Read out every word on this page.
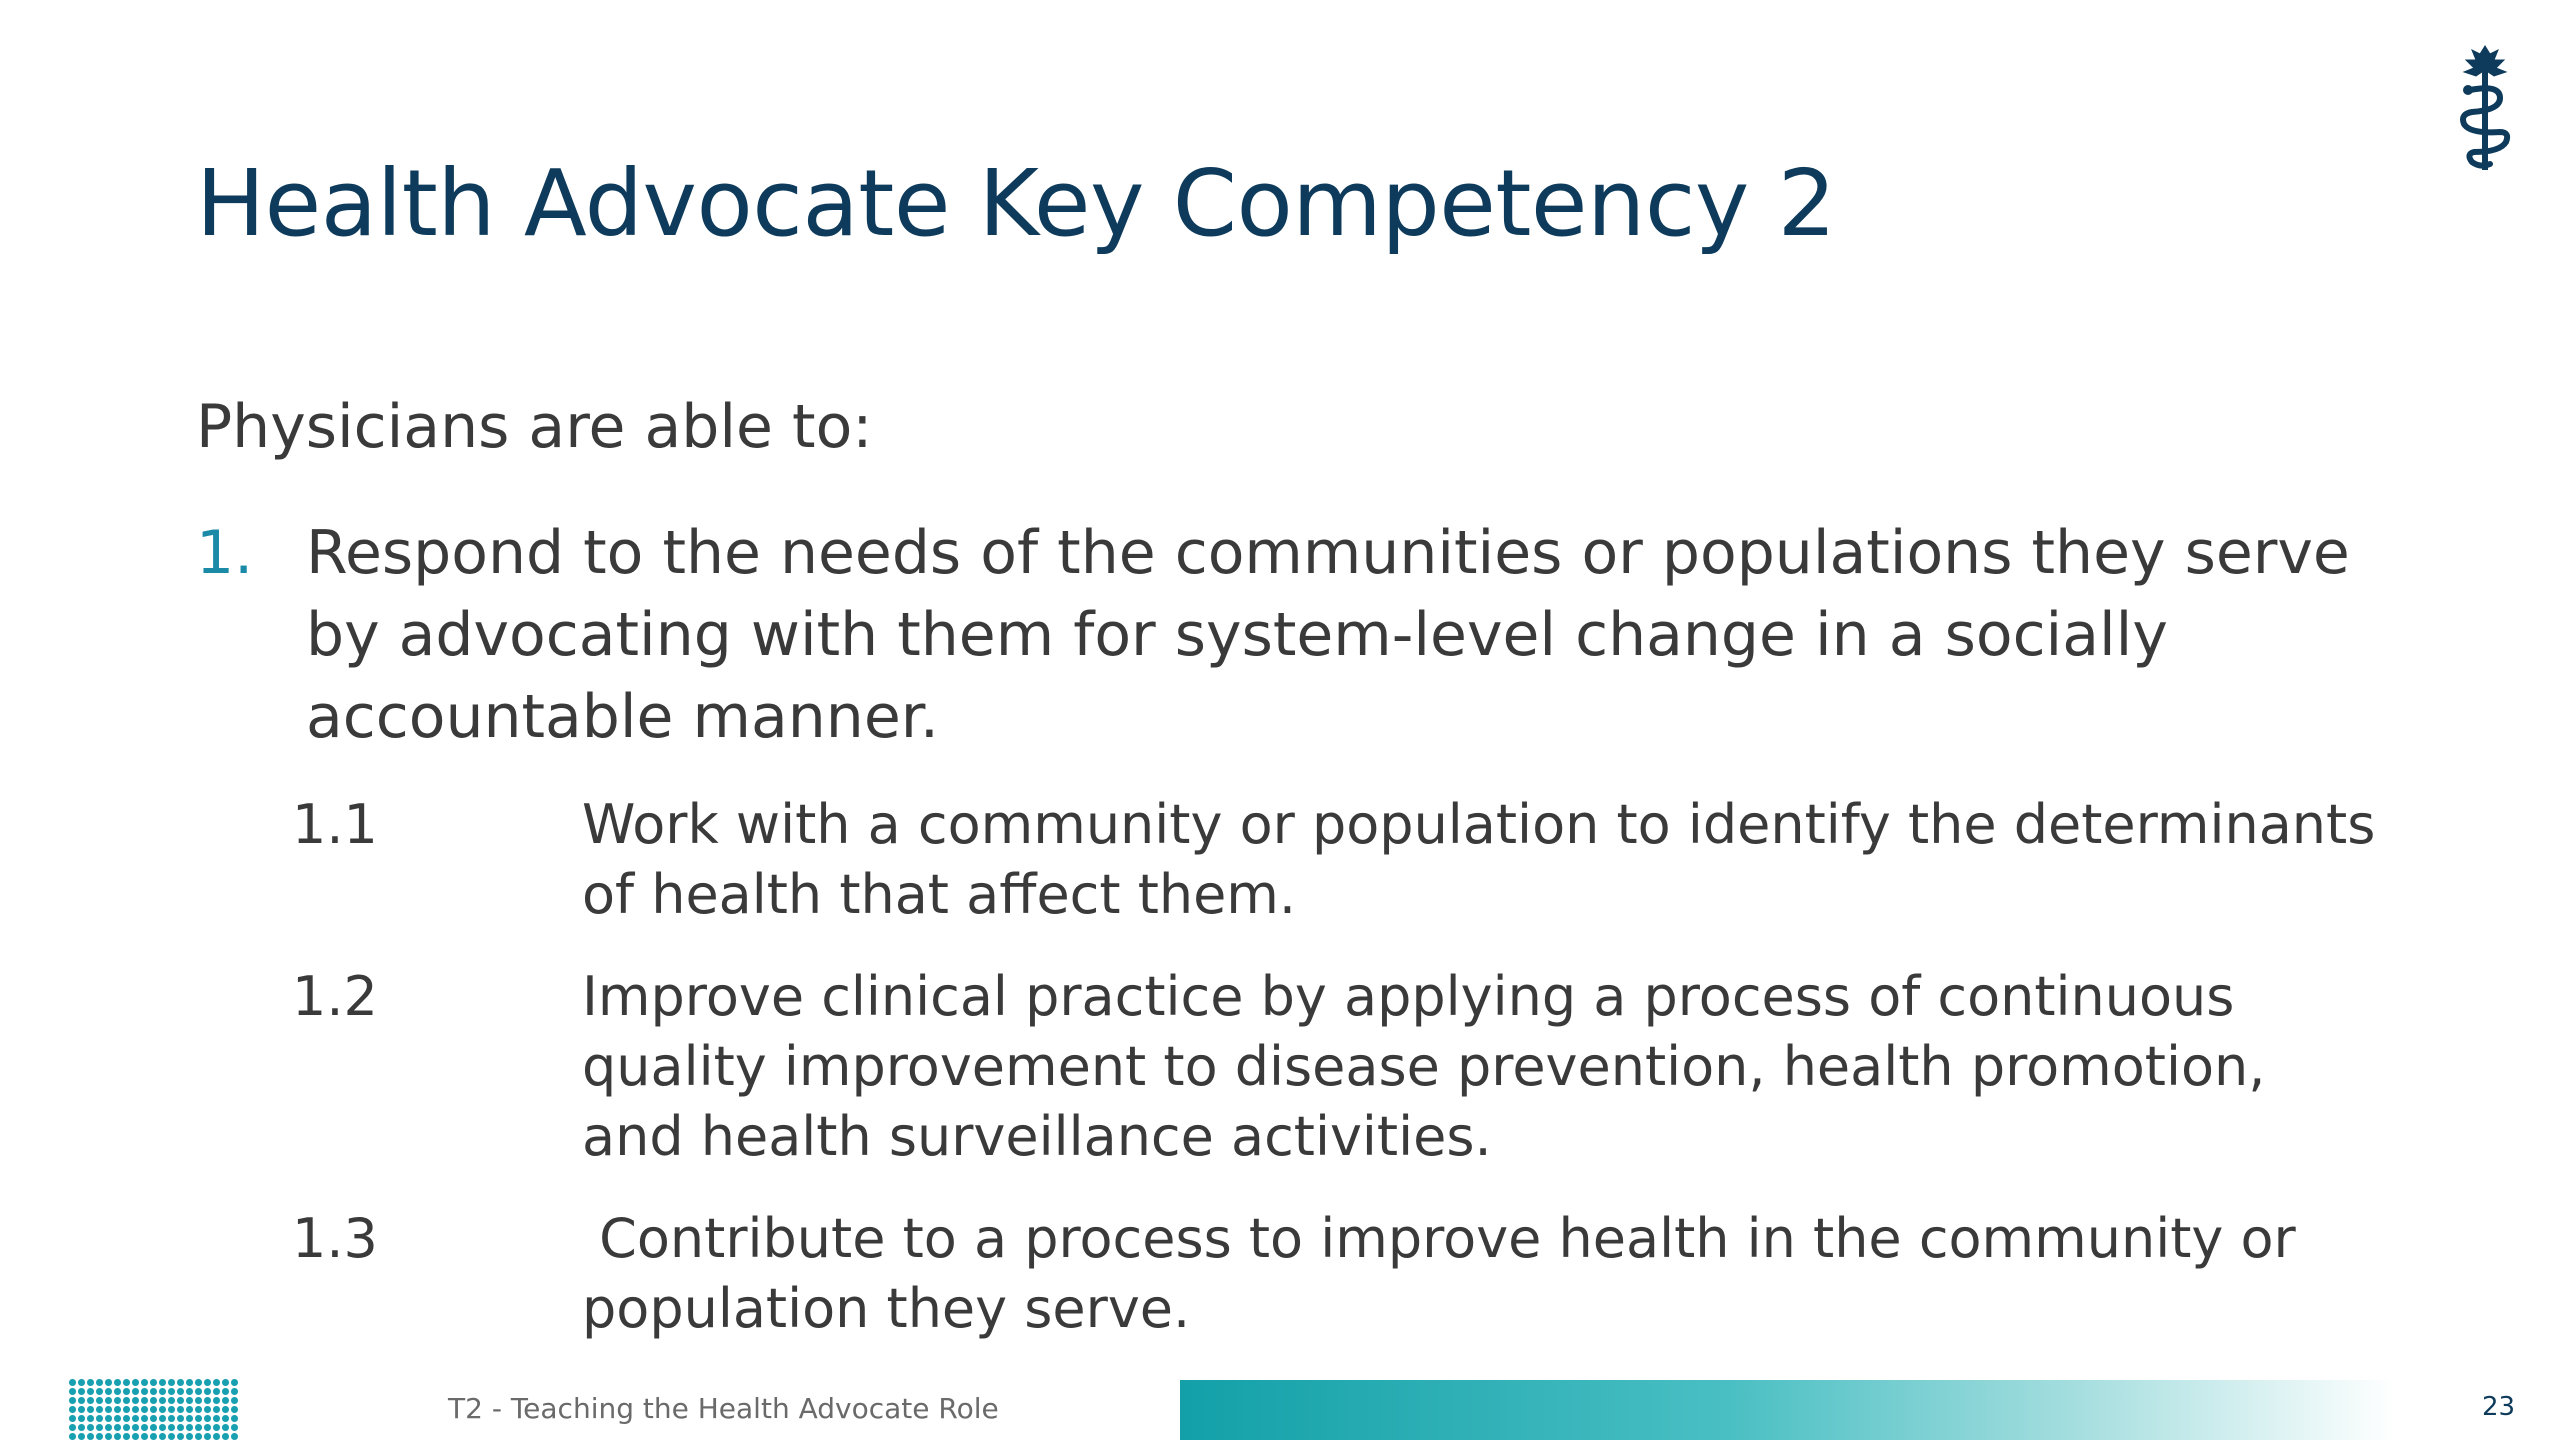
Health Advocate Key Competency 2

Physicians are able to:

1. Respond to the needs of the communities or populations they serve by advocating with them for system-level change in a socially accountable manner.
1.1	Work with a community or population to identify the determinants of health that affect them.
1.2	Improve clinical practice by applying a process of continuous quality improvement to disease prevention, health promotion, and health surveillance activities.
1.3	Contribute to a process to improve health in the community or population they serve.
T2 - Teaching the Health Advocate Role	23
